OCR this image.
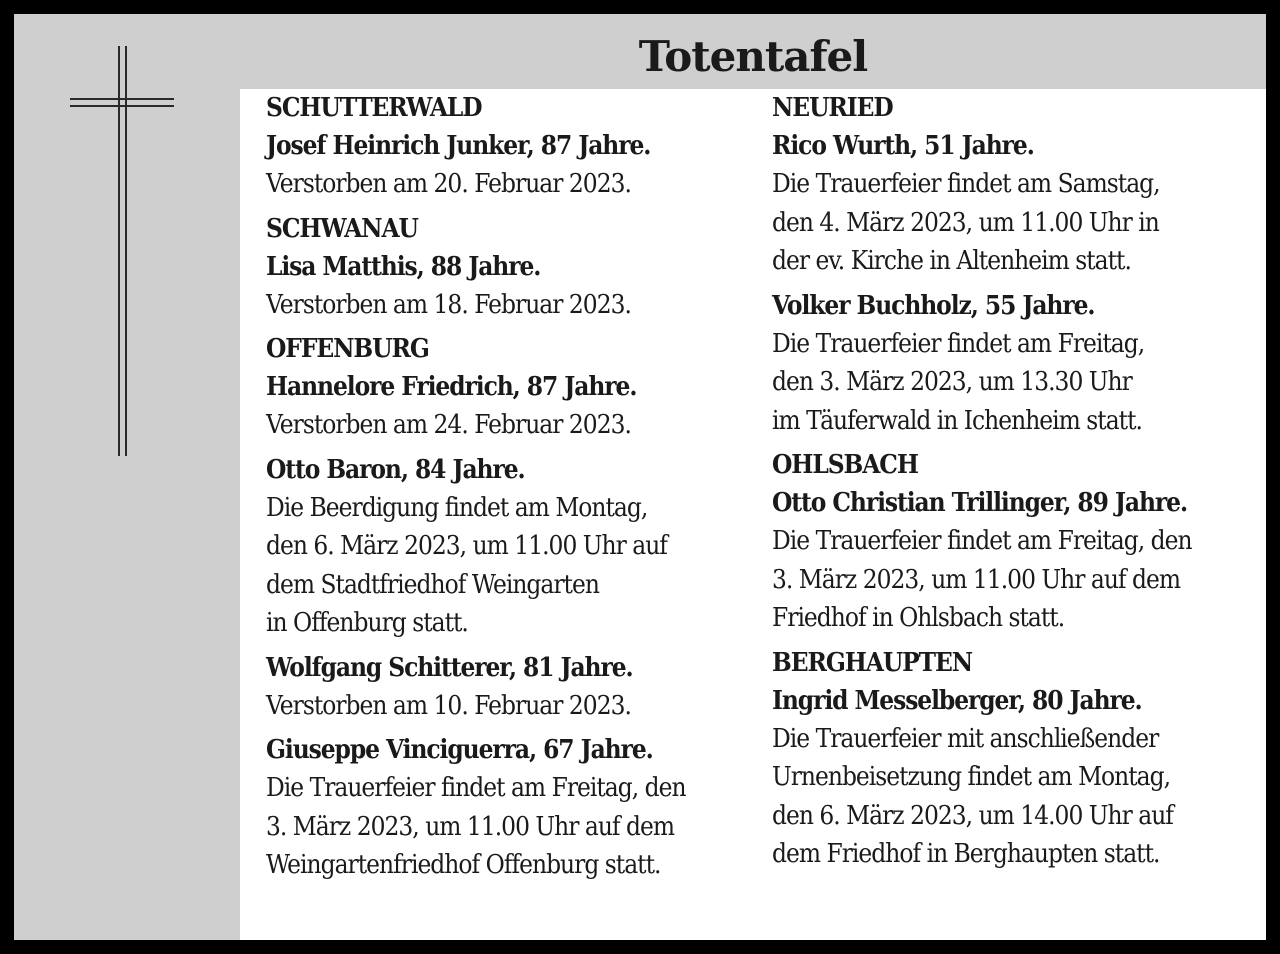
Totentafel
SCHUTTERWALD
Josef Heinrich Junker, 87 Jahre.
Verstorben am 20. Februar 2023.
SCHWANAU
Lisa Matthis, 88 Jahre.
Verstorben am 18. Februar 2023.
OFFENBURG
Hannelore Friedrich, 87 Jahre.
Verstorben am 24. Februar 2023.
Otto Baron, 84 Jahre.
Die Beerdigung findet am Montag,
den 6. März 2023, um 11.00 Uhr auf
dem Stadtfriedhof Weingarten
in Offenburg statt.
Wolfgang Schitterer, 81 Jahre.
Verstorben am 10. Februar 2023.
Giuseppe Vinciguerra, 67 Jahre.
Die Trauerfeier findet am Freitag, den
3. März 2023, um 11.00 Uhr auf dem
Weingartenfriedhof Offenburg statt.
NEURIED
Rico Wurth, 51 Jahre.
Die Trauerfeier findet am Samstag,
den 4. März 2023, um 11.00 Uhr in
der ev. Kirche in Altenheim statt.
Volker Buchholz, 55 Jahre.
Die Trauerfeier findet am Freitag,
den 3. März 2023, um 13.30 Uhr
im Täuferwald in Ichenheim statt.
OHLSBACH
Otto Christian Trillinger, 89 Jahre.
Die Trauerfeier findet am Freitag, den
3. März 2023, um 11.00 Uhr auf dem
Friedhof in Ohlsbach statt.
BERGHAUPTEN
Ingrid Messelberger, 80 Jahre.
Die Trauerfeier mit anschließender
Urnenbeisetzung findet am Montag,
den 6. März 2023, um 14.00 Uhr auf
dem Friedhof in Berghaupten statt.
